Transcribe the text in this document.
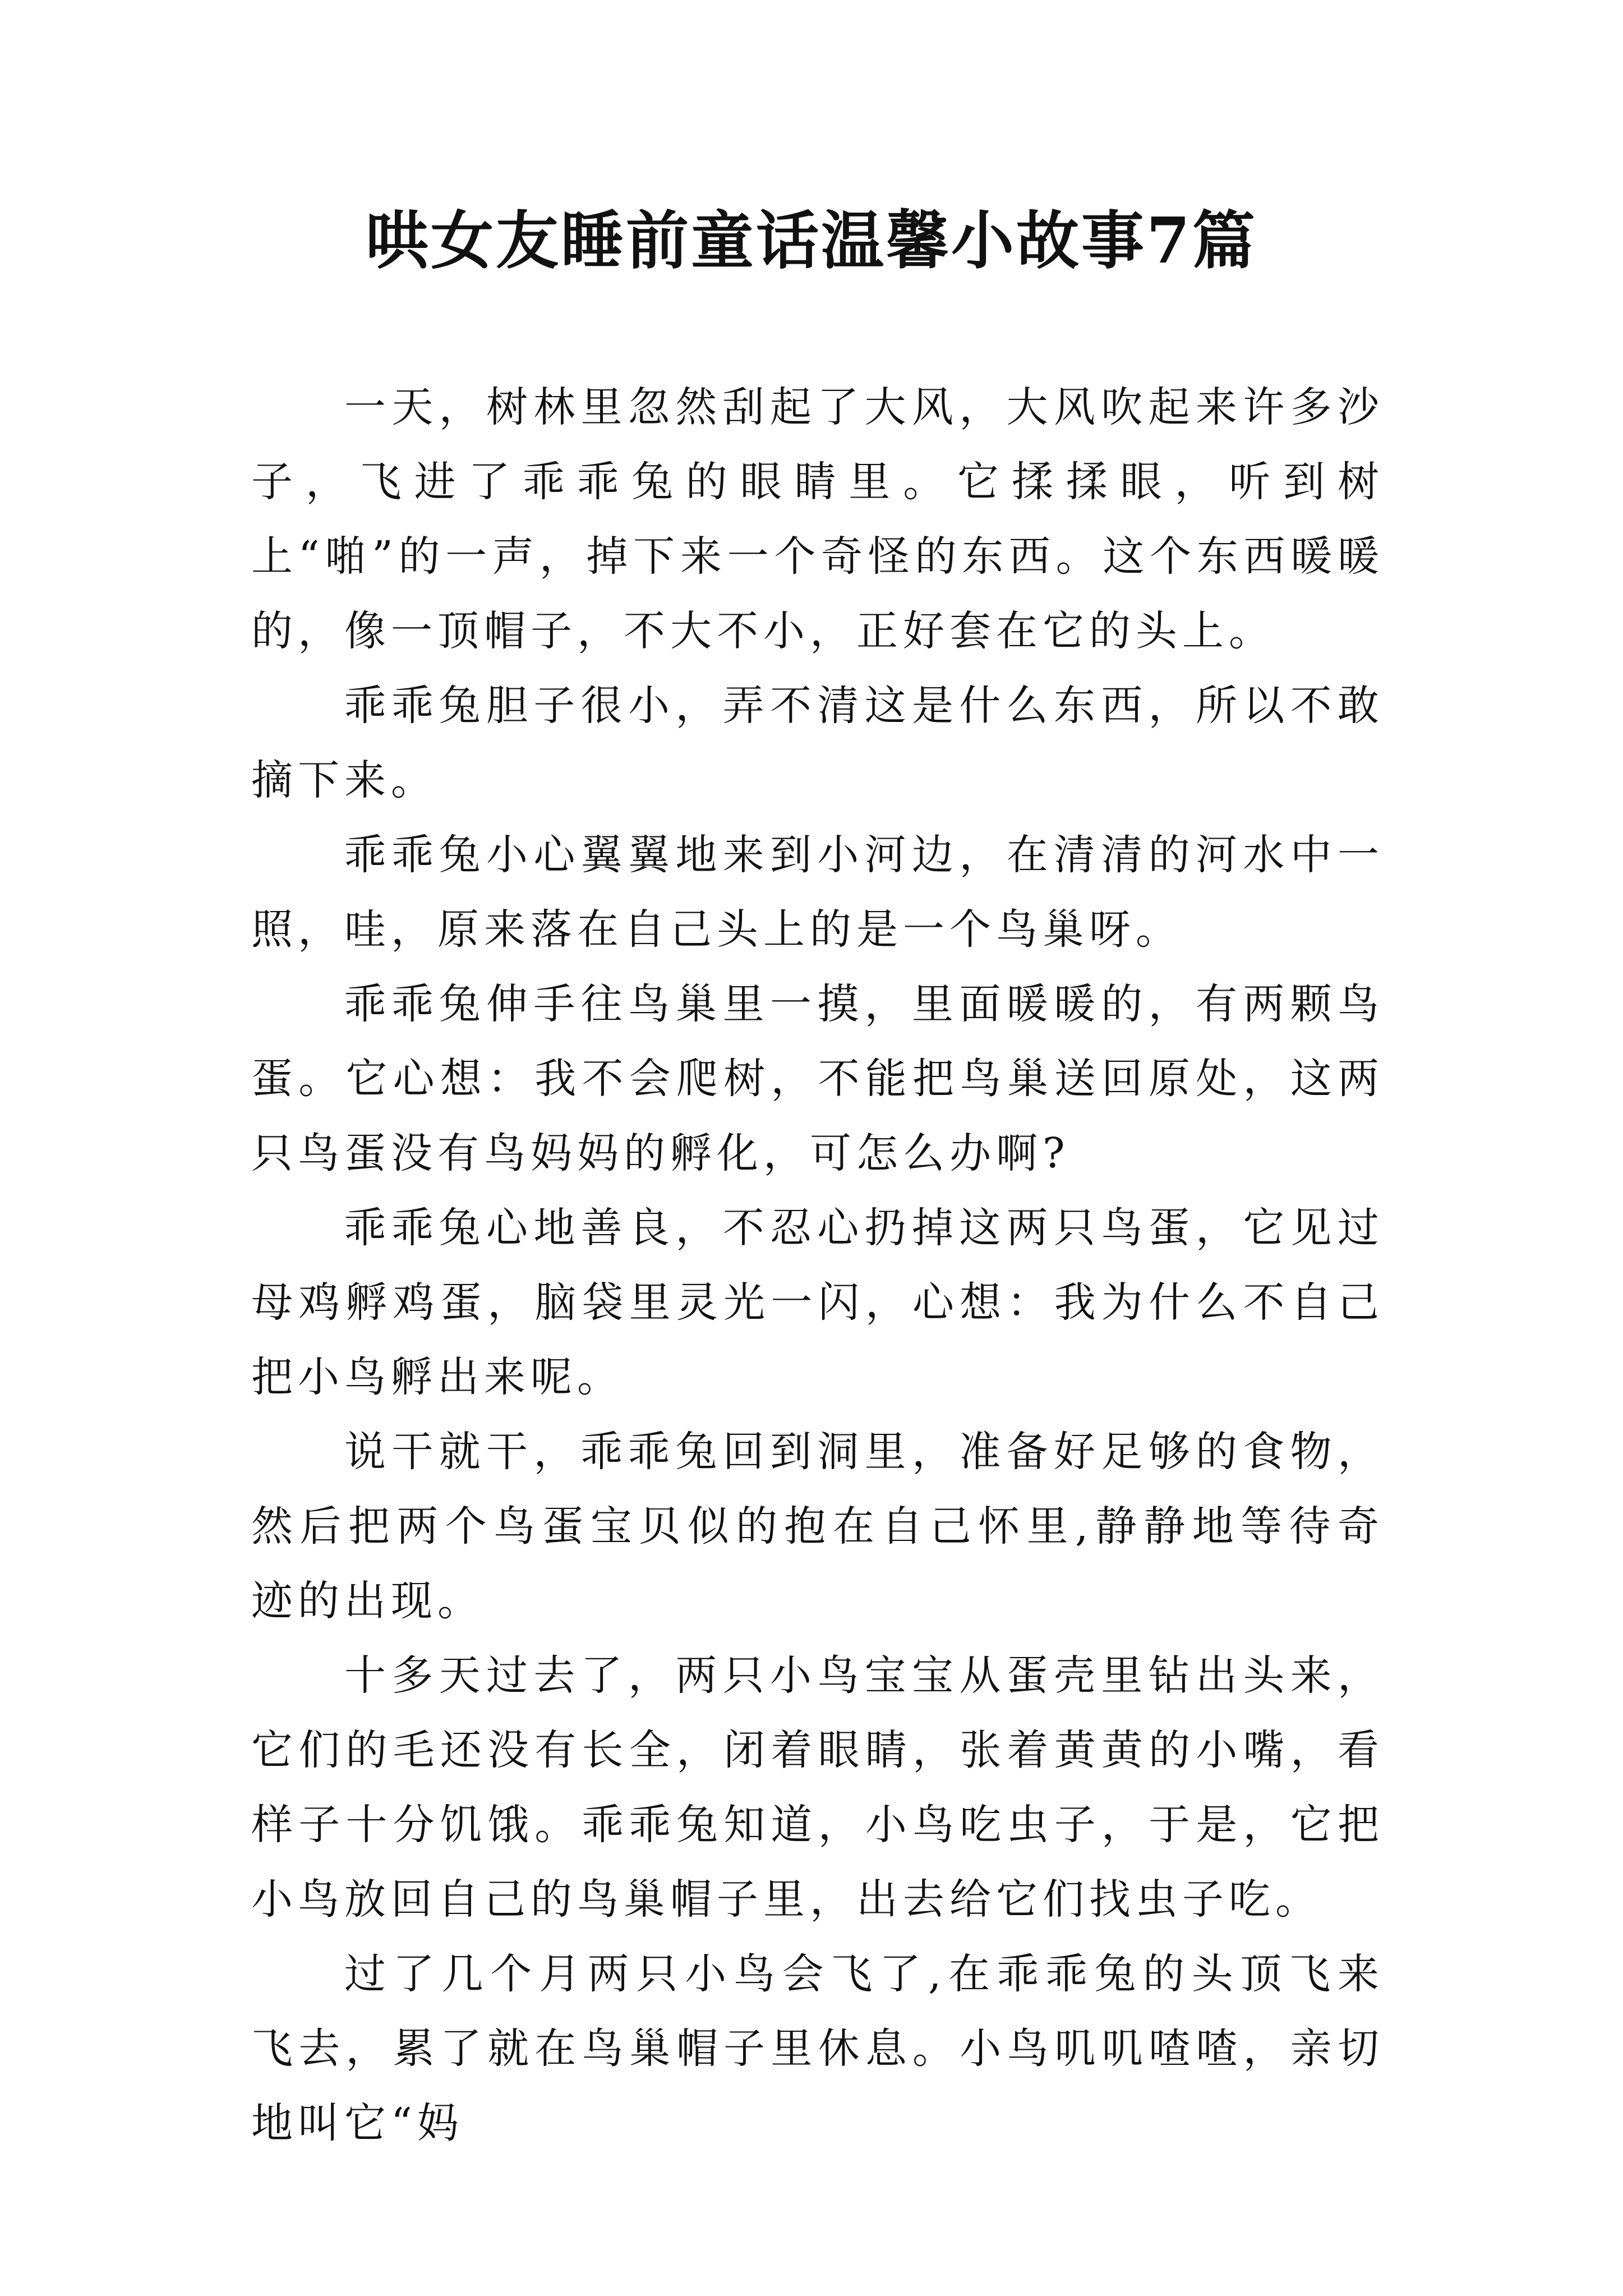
哄女友睡前童话温馨小故事7篇

一天，树林里忽然刮起了大风，大风吹起来许多沙子，飞进了乖乖兔的眼睛里。它揉揉眼，听到树上“啪”的一声，掉下来一个奇怪的东西。这个东西暖暖的，像一顶帽子，不大不小，正好套在它的头上。

乖乖兔胆子很小，弄不清这是什么东西，所以不敢摘下来。

乖乖兔小心翼翼地来到小河边，在清清的河水中一照，哇，原来落在自己头上的是一个鸟巢呀。

乖乖兔伸手往鸟巢里一摸，里面暖暖的，有两颗鸟蛋。它心想：我不会爬树，不能把鸟巢送回原处，这两只鸟蛋没有鸟妈妈的孵化，可怎么办啊?

乖乖兔心地善良，不忍心扔掉这两只鸟蛋，它见过母鸡孵鸡蛋，脑袋里灵光一闪，心想：我为什么不自己把小鸟孵出来呢。

说干就干，乖乖兔回到洞里，准备好足够的食物，然后把两个鸟蛋宝贝似的抱在自己怀里,静静地等待奇迹的出现。

十多天过去了，两只小鸟宝宝从蛋壳里钻出头来，它们的毛还没有长全，闭着眼睛，张着黄黄的小嘴，看样子十分饥饿。乖乖兔知道，小鸟吃虫子，于是，它把小鸟放回自己的鸟巢帽子里，出去给它们找虫子吃。

过了几个月两只小鸟会飞了,在乖乖兔的头顶飞来飞去，累了就在鸟巢帽子里休息。小鸟叽叽喳喳，亲切地叫它“妈
